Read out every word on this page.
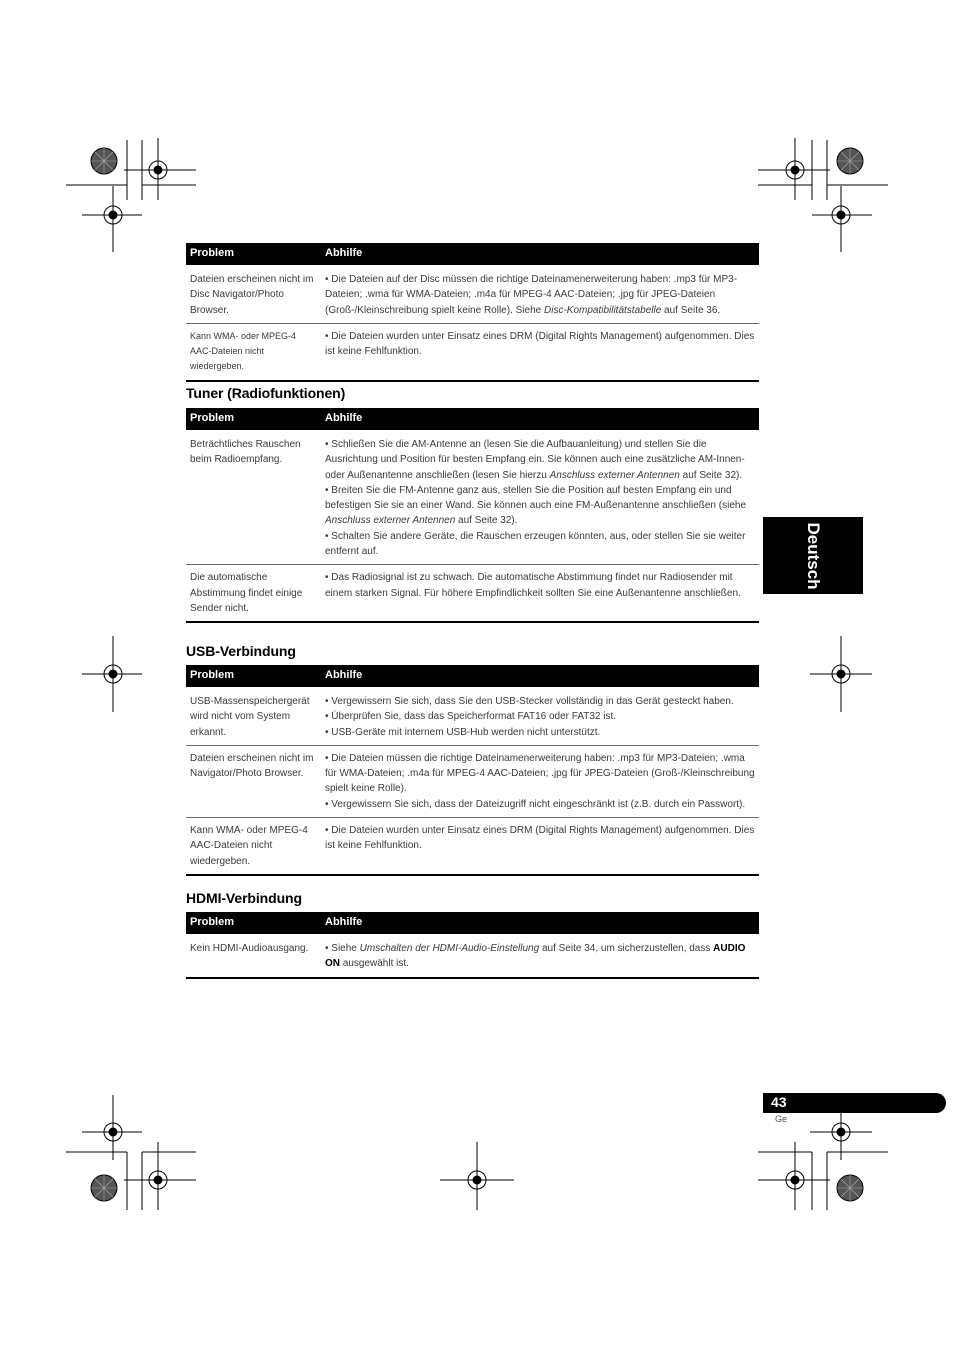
Problem	Abhilfe
Dateien erscheinen nicht im Disc Navigator/Photo Browser.	• Die Dateien auf der Disc müssen die richtige Dateinamenerweiterung haben: .mp3 für MP3-Dateien; .wma für WMA-Dateien; .m4a für MPEG-4 AAC-Dateien; .jpg für JPEG-Dateien (Groß-/Kleinschreibung spielt keine Rolle). Siehe Disc-Kompatibilitätstabelle auf Seite 36.
Kann WMA- oder MPEG-4 AAC-Dateien nicht wiedergeben.	• Die Dateien wurden unter Einsatz eines DRM (Digital Rights Management) aufgenommen. Dies ist keine Fehlfunktion.
Tuner (Radiofunktionen)
Problem	Abhilfe
Beträchtliches Rauschen beim Radioempfang.	• Schließen Sie die AM-Antenne an (lesen Sie die Aufbauanleitung) und stellen Sie die Ausrichtung und Position für besten Empfang ein. Sie können auch eine zusätzliche AM-Innen- oder Außenantenne anschließen (lesen Sie hierzu Anschluss externer Antennen auf Seite 32).
• Breiten Sie die FM-Antenne ganz aus, stellen Sie die Position auf besten Empfang ein und befestigen Sie sie an einer Wand. Sie können auch eine FM-Außenantenne anschließen (siehe Anschluss externer Antennen auf Seite 32).
• Schalten Sie andere Geräte, die Rauschen erzeugen könnten, aus, oder stellen Sie sie weiter entfernt auf.

Die automatische Abstimmung findet einige Sender nicht.	• Das Radiosignal ist zu schwach. Die automatische Abstimmung findet nur Radiosender mit einem starken Signal. Für höhere Empfindlichkeit sollten Sie eine Außenantenne anschließen.
USB-Verbindung
Problem	Abhilfe
USB-Massenspeichergerät wird nicht vom System erkannt.	• Vergewissern Sie sich, dass Sie den USB-Stecker vollständig in das Gerät gesteckt haben.
• Überprüfen Sie, dass das Speicherformat FAT16 oder FAT32 ist.
• USB-Geräte mit internem USB-Hub werden nicht unterstützt.

Dateien erscheinen nicht im Navigator/Photo Browser.	• Die Dateien müssen die richtige Dateinamenerweiterung haben: .mp3 für MP3-Dateien; .wma für WMA-Dateien; .m4a für MPEG-4 AAC-Dateien; .jpg für JPEG-Dateien (Groß-/Kleinschreibung spielt keine Rolle).
• Vergewissern Sie sich, dass der Dateizugriff nicht eingeschränkt ist (z.B. durch ein Passwort).

Kann WMA- oder MPEG-4 AAC-Dateien nicht wiedergeben.	• Die Dateien wurden unter Einsatz eines DRM (Digital Rights Management) aufgenommen. Dies ist keine Fehlfunktion.
HDMI-Verbindung
Problem	Abhilfe
Kein HDMI-Audioausgang.	• Siehe Umschalten der HDMI-Audio-Einstellung auf Seite 34, um sicherzustellen, dass AUDIO ON ausgewählt ist.
Deutsch
43
Ge
